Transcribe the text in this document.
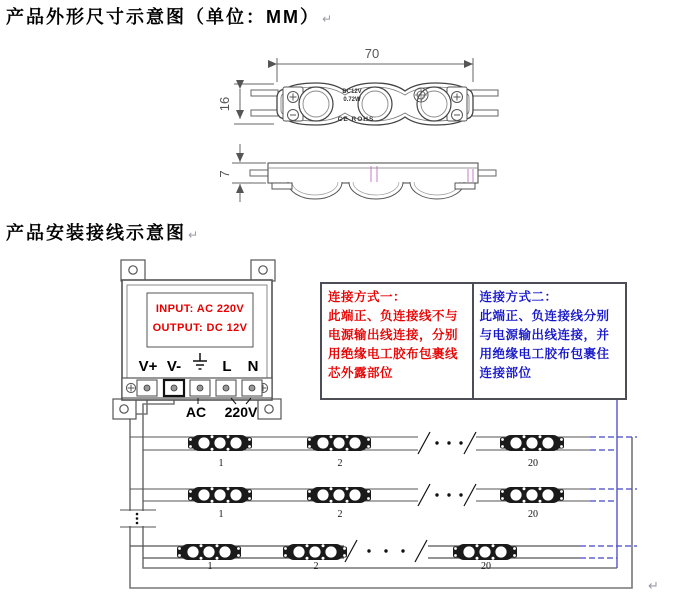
产品外形尺寸示意图（单位：MM） ↵
DC12V
0.72W
CE ROHS
70
16
7
产品安装接线示意图 ↵
1	2	20
1	2	20
1	2	20
INPUT: AC 220V
OUTPUT: DC 12V
V+ V-	L N
AC 220V
连接方式一：
此端正、负连接线不与电源输出线连接，分别用绝缘电工胶布包裹线芯外露部位
连接方式二：
此端正、负连接线分别与电源输出线连接，并用绝缘电工胶布包裹住连接部位
↵
